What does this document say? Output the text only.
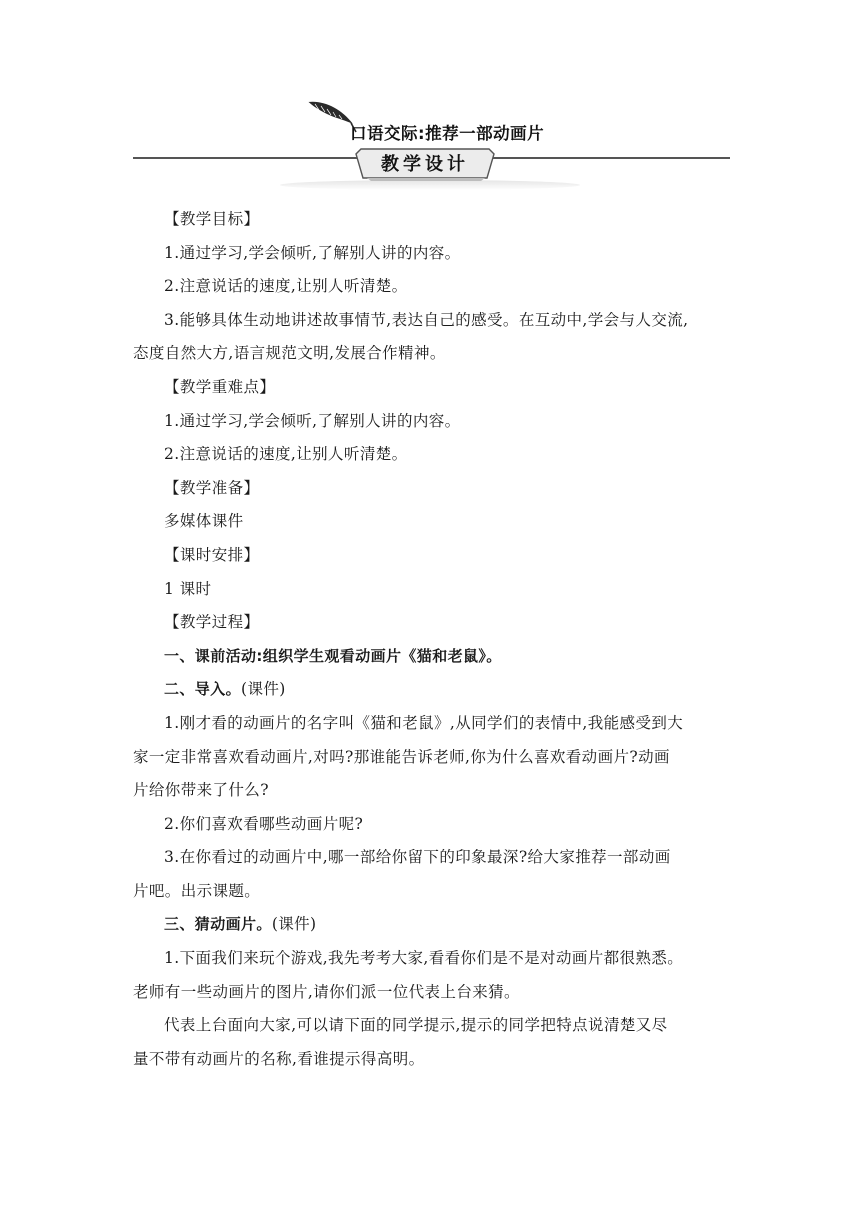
口语交际:推荐一部动画片
教学设计

【教学目标】

1.通过学习,学会倾听,了解别人讲的内容。

2.注意说话的速度,让别人听清楚。

3.能够具体生动地讲述故事情节,表达自己的感受。在互动中,学会与人交流,

态度自然大方,语言规范文明,发展合作精神。

【教学重难点】

1.通过学习,学会倾听,了解别人讲的内容。

2.注意说话的速度,让别人听清楚。

【教学准备】

多媒体课件

【课时安排】

1 课时

【教学过程】

一、课前活动:组织学生观看动画片《猫和老鼠》。

二、导入。(课件)

1.刚才看的动画片的名字叫《猫和老鼠》,从同学们的表情中,我能感受到大

家一定非常喜欢看动画片,对吗?那谁能告诉老师,你为什么喜欢看动画片?动画

片给你带来了什么?

2.你们喜欢看哪些动画片呢?

3.在你看过的动画片中,哪一部给你留下的印象最深?给大家推荐一部动画

片吧。出示课题。

三、猜动画片。(课件)

1.下面我们来玩个游戏,我先考考大家,看看你们是不是对动画片都很熟悉。

老师有一些动画片的图片,请你们派一位代表上台来猜。

代表上台面向大家,可以请下面的同学提示,提示的同学把特点说清楚又尽

量不带有动画片的名称,看谁提示得高明。
